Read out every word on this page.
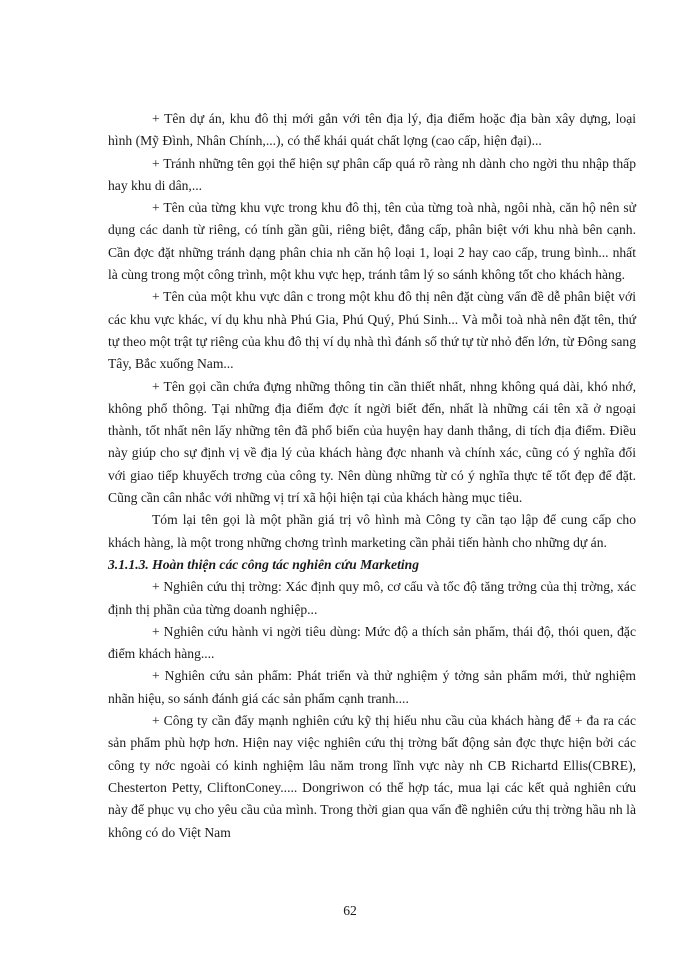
+ Tên dự án, khu đô thị mới gắn với tên địa lý, địa điểm hoặc địa bàn xây dựng, loại hình (Mỹ Đình, Nhân Chính,...), có thể khái quát chất lợng (cao cấp, hiện đại)...

+ Tránh những tên gọi thể hiện sự phân cấp quá rõ ràng nh dành cho ngời thu nhập thấp hay khu di dân,...

+ Tên của từng khu vực trong khu đô thị, tên của từng toà nhà, ngôi nhà, căn hộ nên sử dụng các danh từ riêng, có tính gần gũi, riêng biệt, đẳng cấp, phân biệt với khu nhà bên cạnh. Cần đợc đặt những tránh dạng phân chia nh căn hộ loại 1, loại 2 hay cao cấp, trung bình... nhất là cùng trong một công trình, một khu vực hẹp, tránh tâm lý so sánh không tốt cho khách hàng.

+ Tên của một khu vực dân c trong một khu đô thị nên đặt cùng vấn đề dễ phân biệt với các khu vực khác, ví dụ khu nhà Phú Gia, Phú Quý, Phú Sinh... Và mỗi toà nhà nên đặt tên, thứ tự theo một trật tự riêng của khu đô thị ví dụ nhà thì đánh số thứ tự từ nhỏ đến lớn, từ Đông sang Tây, Bắc xuống Nam...

+ Tên gọi cần chứa đựng những thông tin cần thiết nhất, nhng không quá dài, khó nhớ, không phổ thông. Tại những địa điểm đợc ít ngời biết đến, nhất là những cái tên xã ở ngoại thành, tốt nhất nên lấy những tên đã phổ biến của huyện hay danh thắng, di tích địa điểm. Điều này giúp cho sự định vị về địa lý của khách hàng đợc nhanh và chính xác, cũng có ý nghĩa đối với giao tiếp khuyếch trơng của công ty. Nên dùng những từ có ý nghĩa thực tế tốt đẹp để đặt. Cũng cần cân nhắc với những vị trí xã hội hiện tại của khách hàng mục tiêu.

Tóm lại tên gọi là một phần giá trị vô hình mà Công ty cần tạo lập để cung cấp cho khách hàng, là một trong những chơng trình marketing cần phải tiến hành cho những dự án.

3.1.1.3. Hoàn thiện các công tác nghiên cứu Marketing

+ Nghiên cứu thị trờng: Xác định quy mô, cơ cấu và tốc độ tăng trởng của thị trờng, xác định thị phần của từng doanh nghiệp...

+ Nghiên cứu hành vi ngời tiêu dùng: Mức độ a thích sản phẩm, thái độ, thói quen, đặc điểm khách hàng....

+ Nghiên cứu sản phẩm: Phát triển và thử nghiệm ý tởng sản phẩm mới, thử nghiệm nhãn hiệu, so sánh đánh giá các sản phẩm cạnh tranh....

+ Công ty cần đẩy mạnh nghiên cứu kỹ thị hiếu nhu cầu của khách hàng để + đa ra các sản phẩm phù hợp hơn. Hiện nay việc nghiên cứu thị trờng bất động sản đợc thực hiện bởi các công ty nớc ngoài có kinh nghiệm lâu năm trong lĩnh vực này nh CB Richartd Ellis(CBRE), Chesterton Petty, CliftonConey..... Dongriwon có thể hợp tác, mua lại các kết quả nghiên cứu này để phục vụ cho yêu cầu của mình. Trong thời gian qua vấn đề nghiên cứu thị trờng hầu nh là không có do Việt Nam

62
